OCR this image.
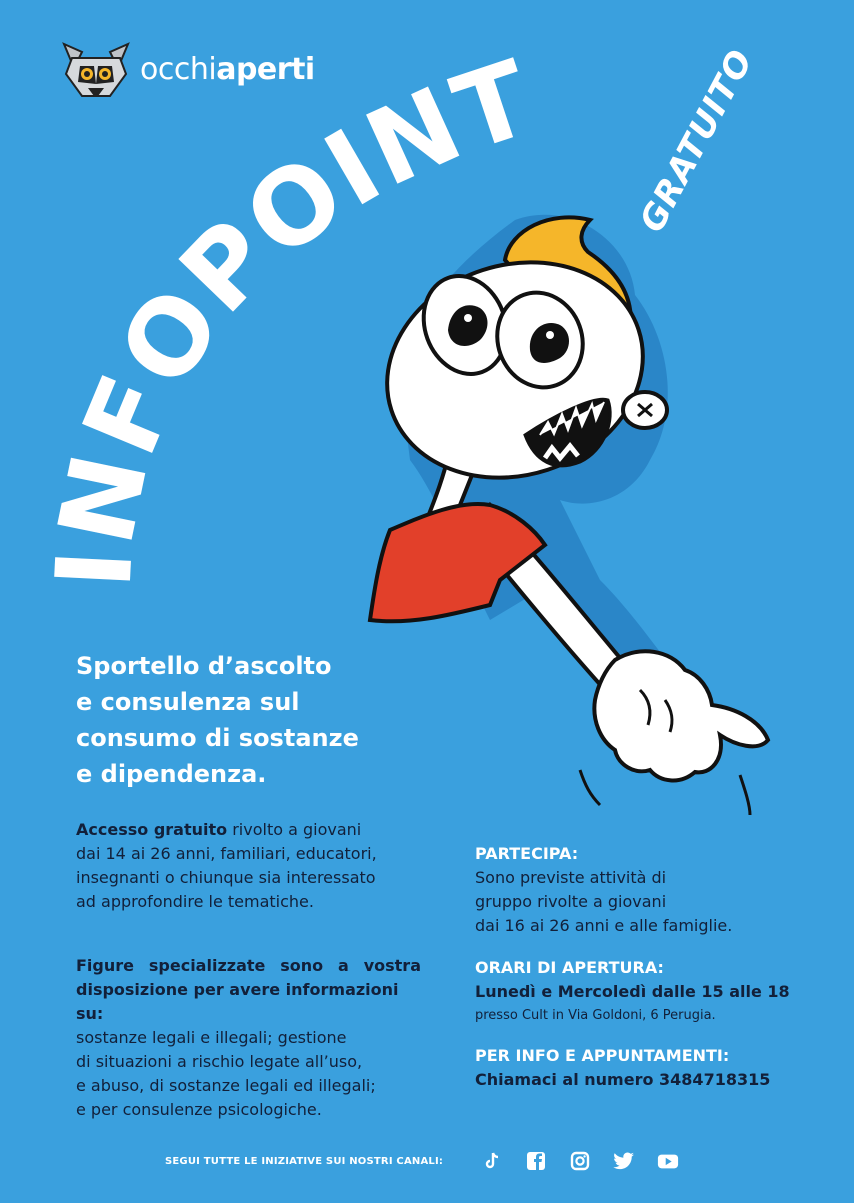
occhiaperti
INFOPOINT GRATUITO
Sportello d’ascolto
e consulenza sul
consumo di sostanze
e dipendenza.
Accesso gratuito rivolto a giovani
dai 14 ai 26 anni, familiari, educatori,
insegnanti o chiunque sia interessato
ad approfondire le tematiche.
Figure specializzate sono a vostra
disposizione per avere informazioni su:
sostanze legali e illegali; gestione
di situazioni a rischio legate all’uso,
e abuso, di sostanze legali ed illegali;
e per consulenze psicologiche.
PARTECIPA:
Sono previste attività di
gruppo rivolte a giovani
dai 16 ai 26 anni e alle famiglie.
ORARI DI APERTURA:
Lunedì e Mercoledì dalle 15 alle 18
presso Cult in Via Goldoni, 6 Perugia.
PER INFO E APPUNTAMENTI:
Chiamaci al numero 3484718315
SEGUI TUTTE LE INIZIATIVE SUI NOSTRI CANALI:
